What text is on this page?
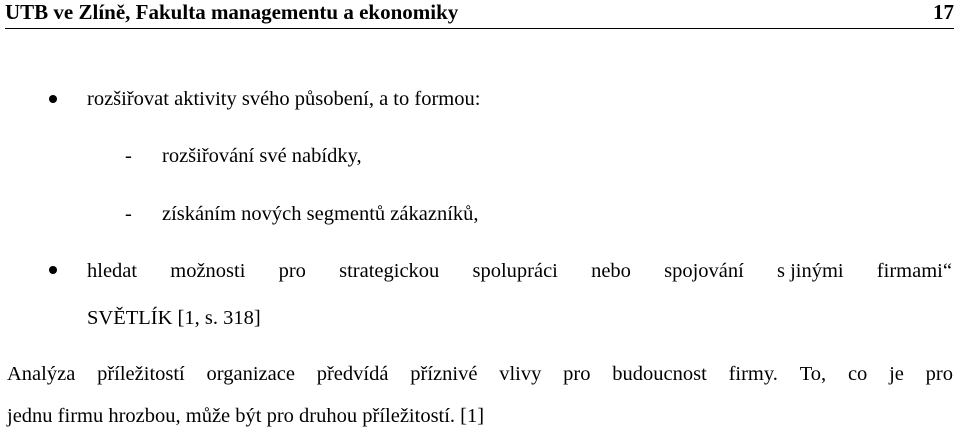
UTB ve Zlíně, Fakulta managementu a ekonomiky	17
rozšiřovat aktivity svého působení, a to formou:
- rozšiřování své nabídky,
- získáním nových segmentů zákazníků,
hledat možnosti pro strategickou spolupráci nebo spojování s jinými firmami“
SVĚTLÍK [1, s. 318]
Analýza příležitostí organizace předvídá příznivé vlivy pro budoucnost firmy. To, co je pro
jednu firmu hrozbou, může být pro druhou příležitostí. [1]
